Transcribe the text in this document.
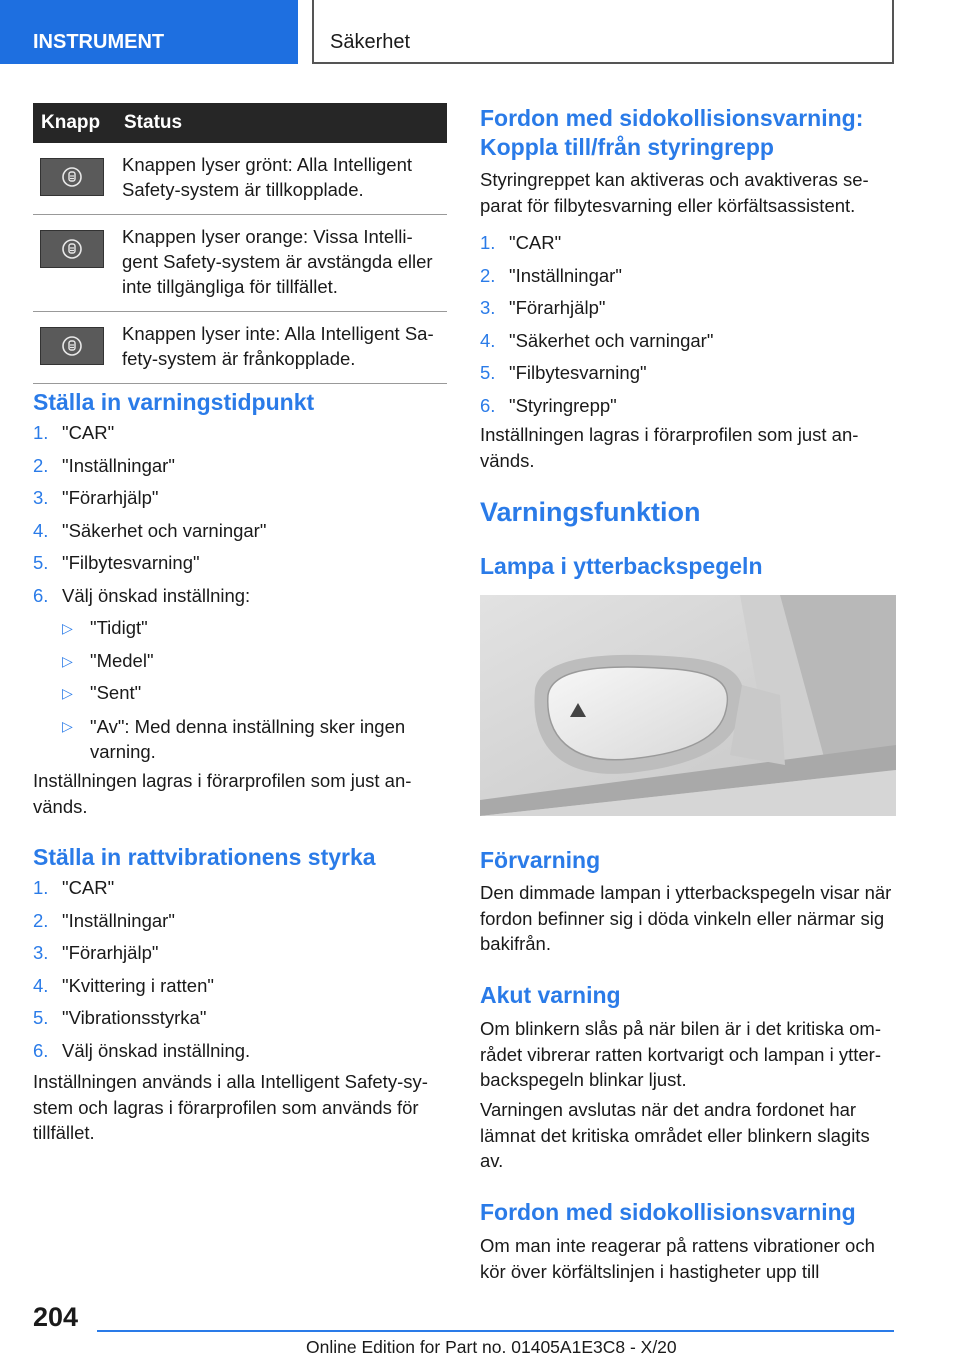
INSTRUMENT	Säkerhet
Knapp	Status

	Knappen lyser grönt: Alla Intelligent Safety-system är tillkopplade.

	Knappen lyser orange: Vissa Intelli-gent Safety-system är avstängda eller inte tillgängliga för tillfället.

	Knappen lyser inte: Alla Intelligent Sa-fety-system är frånkopplade.
Ställa in varningstidpunkt
1. "CAR"
2. "Inställningar"
3. "Förarhjälp"
4. "Säkerhet och varningar"
5. "Filbytesvarning"
6. Välj önskad inställning:
▷ "Tidigt"
▷ "Medel"
▷ "Sent"
▷ "Av": Med denna inställning sker ingen varning.
Inställningen lagras i förarprofilen som just an-vänds.
Ställa in rattvibrationens styrka
1. "CAR"
2. "Inställningar"
3. "Förarhjälp"
4. "Kvittering i ratten"
5. "Vibrationsstyrka"
6. Välj önskad inställning.
Inställningen används i alla Intelligent Safety-sy-stem och lagras i förarprofilen som används för tillfället.
Fordon med sidokollisionsvarning:
Koppla till/från styringrepp
Styringreppet kan aktiveras och avaktiveras se-parat för filbytesvarning eller körfältsassistent.
1. "CAR"
2. "Inställningar"
3. "Förarhjälp"
4. "Säkerhet och varningar"
5. "Filbytesvarning"
6. "Styringrepp"
Inställningen lagras i förarprofilen som just an-vänds.
Varningsfunktion
Lampa i ytterbackspegeln
Förvarning
Den dimmade lampan i ytterbackspegeln visar när fordon befinner sig i döda vinkeln eller närmar sig bakifrån.
Akut varning
Om blinkern slås på när bilen är i det kritiska om-rådet vibrerar ratten kortvarigt och lampan i ytter-backspegeln blinkar ljust.
Varningen avslutas när det andra fordonet har lämnat det kritiska området eller blinkern slagits av.
Fordon med sidokollisionsvarning
Om man inte reagerar på rattens vibrationer och kör över körfältslinjen i hastigheter upp till
204
Online Edition for Part no. 01405A1E3C8 - X/20
